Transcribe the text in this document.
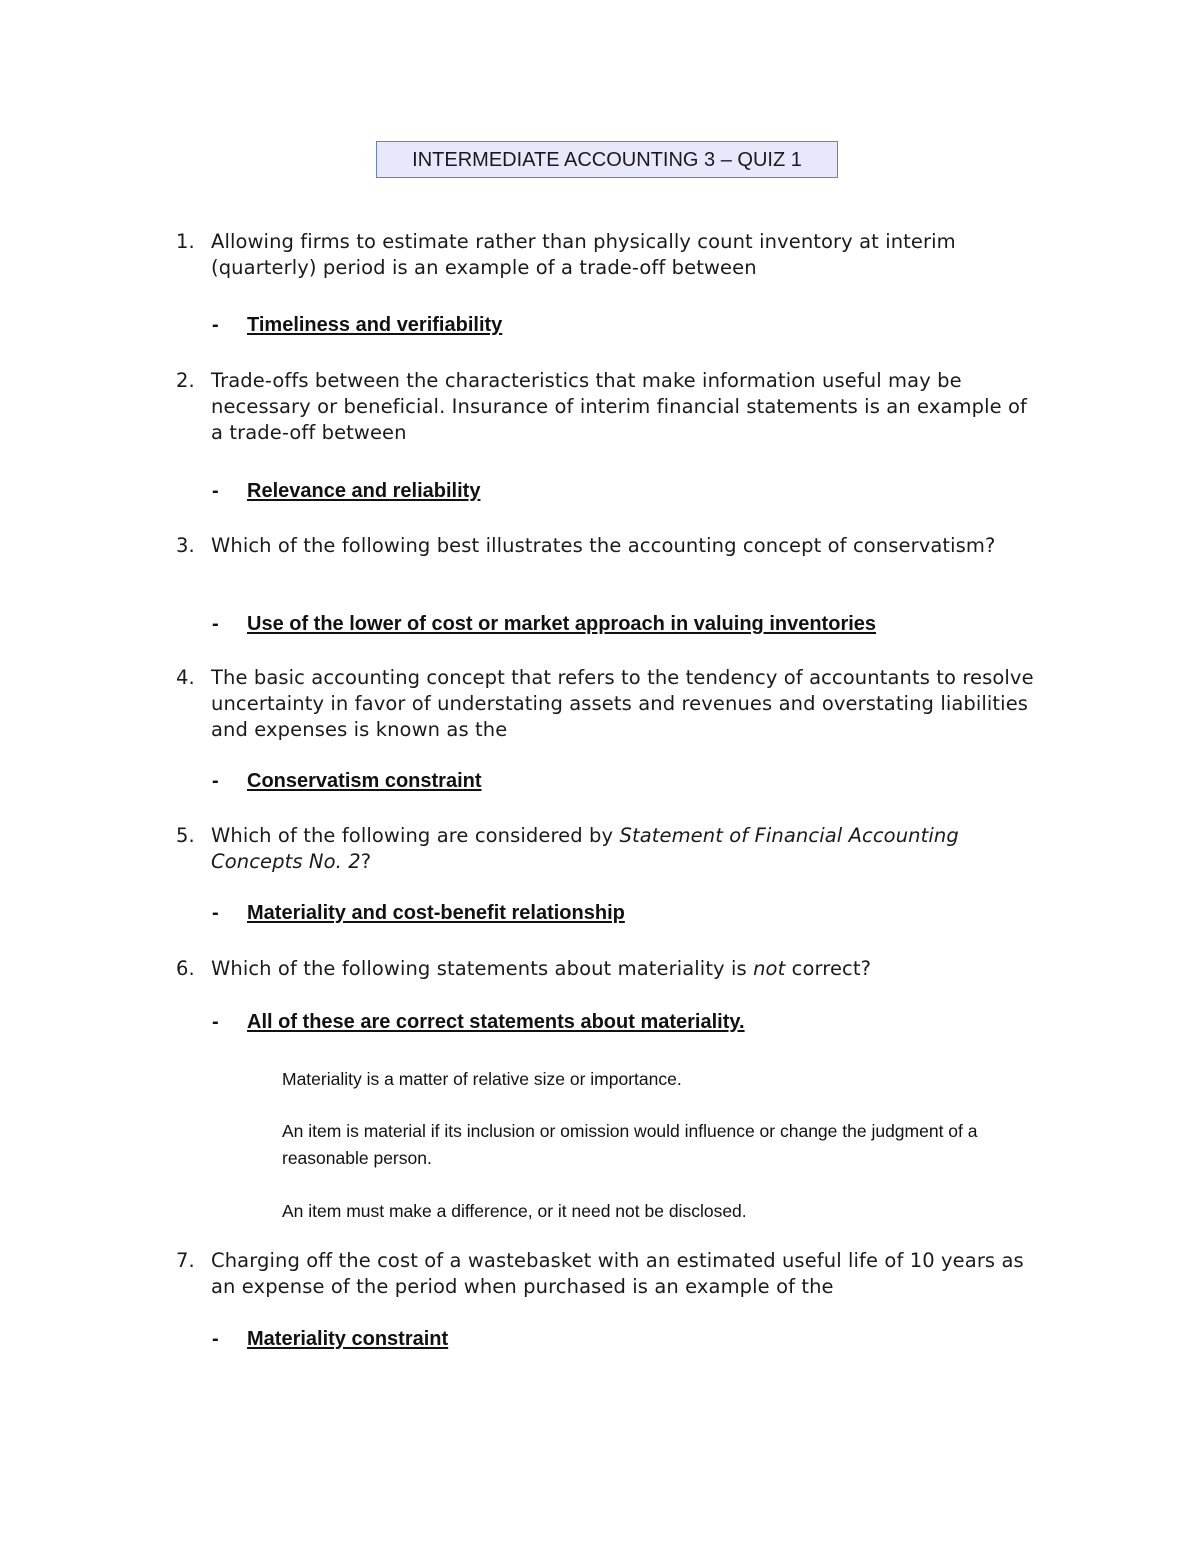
INTERMEDIATE ACCOUNTING 3 – QUIZ 1
1. Allowing firms to estimate rather than physically count inventory at interim (quarterly) period is an example of a trade-off between
- Timeliness and verifiability
2. Trade-offs between the characteristics that make information useful may be necessary or beneficial. Insurance of interim financial statements is an example of a trade-off between
- Relevance and reliability
3. Which of the following best illustrates the accounting concept of conservatism?
- Use of the lower of cost or market approach in valuing inventories
4. The basic accounting concept that refers to the tendency of accountants to resolve uncertainty in favor of understating assets and revenues and overstating liabilities and expenses is known as the
- Conservatism constraint
5. Which of the following are considered by Statement of Financial Accounting Concepts No. 2?
- Materiality and cost-benefit relationship
6. Which of the following statements about materiality is not correct?
- All of these are correct statements about materiality.
Materiality is a matter of relative size or importance.
An item is material if its inclusion or omission would influence or change the judgment of a reasonable person.
An item must make a difference, or it need not be disclosed.
7. Charging off the cost of a wastebasket with an estimated useful life of 10 years as an expense of the period when purchased is an example of the
- Materiality constraint
